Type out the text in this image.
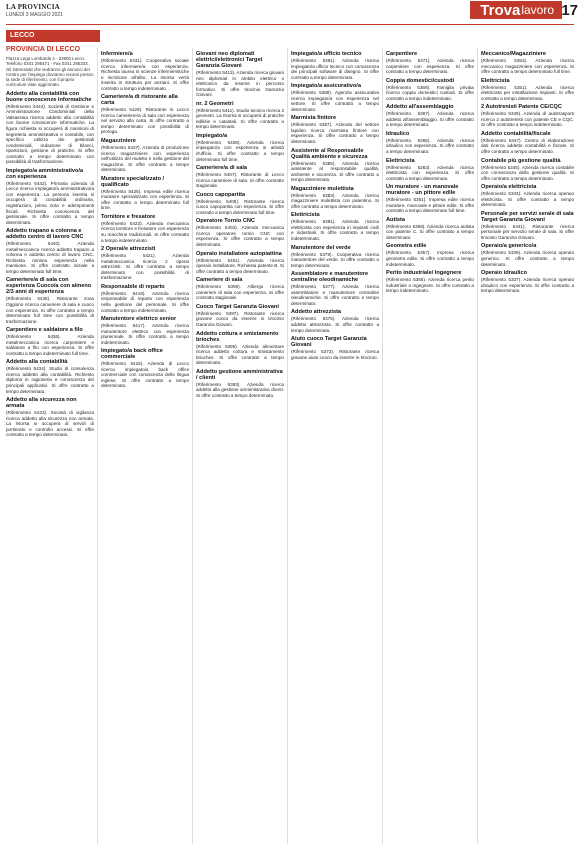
LA PROVINCIA
LUNEDÌ 3 MAGGIO 2021	Trova lavoro 17
LECCO
PROVINCIA DI LECCO
Piazza Lega Lombarda 4 - 23900 Lecco. Telefono 0341 295471 - Fax 0341 295333. Gli interessati che vedranno gli annunci del Centro per l'impiego dovranno recarsi presso la sede di riferimento, con il proprio curriculum vitae aggiornato.
Addetto alla contabilità con buone conoscenze informatiche

(Riferimento 5444). Società di Gestione e Amministrazione Condominiali della Valsassina ricerca addetto alla contabilità con buone conoscenze informatiche. La figura richiesta si occuperà di mansioni di segreteria amministrativa e contabile, con specifico utilizzo dei gestionali condominiali, redazione di bilanci, ripartizioni, gestione di pratiche. Si offre contratto a tempo determinato con possibilità di trasformazione.

Impiegato/a amministrativo/a con esperienza

(Riferimento 5442). Primaria azienda di Lecco ricerca impiegato/a amministrativo/a con esperienza. La persona inserita si occuperà di contabilità ordinaria, registrazioni, prima nota e adempimenti fiscali. Richiesta conoscenza del gestionale. Si offre contratto a tempo determinato.

Addetto trapano a colonna e addetto centro di lavoro CNC

(Riferimento 5440). Azienda metalmeccanica ricerca addetto trapano a colonna e addetto centro di lavoro CNC. Richiesta minima esperienza nella mansione. Si offre contratto iniziale a tempo determinato full time.

Cameriere/a di sala con esperienza Cuoco/a con almeno 2/3 anni di esperienza

(Riferimento 5438). Ristorante zona Oggiono ricerca cameriere di sala e cuoco con esperienza. Si offre contratto a tempo determinato full time con possibilità di trasformazione.

Carpentiere e saldatore a filo

(Riferimento 5436). Azienda metalmeccanica ricerca carpentiere e saldatore a filo con esperienza. Si offre contratto a tempo indeterminato full time.

Addetto alla contabilità

(Riferimento 5434). Studio di consulenza ricerca addetto alla contabilità. Richiesto diploma in ragioneria e conoscenza dei principali applicativi. Si offre contratto a tempo determinato.

Addetto alla sicurezza non armata

(Riferimento 5433). Società di vigilanza ricerca addetto alla sicurezza non armata. La risorsa si occuperà di servizi di portierato e controllo accessi. Si offre contratto a tempo determinato.

Infermiere/a

(Riferimento 5431). Cooperativa sociale ricerca infermiere/a con esperienza. Richiesta laurea in scienze infermieristiche e iscrizione all'albo. La risorsa verrà inserita in struttura per anziani. Si offre contratto a tempo indeterminato.

Cameriere/a di ristorante alla carta

(Riferimento 5429). Ristorante in Lecco ricerca cameriere/a di sala con esperienza nel servizio alla carta. Si offre contratto a tempo determinato con possibilità di proroga.

Magazziniere

(Riferimento 5427). Azienda di produzione ricerca magazziniere con esperienza nell'utilizzo del muletto e nella gestione del magazzino. Si offre contratto a tempo determinato.

Muratore specializzato / qualificato

(Riferimento 5425). Impresa edile ricerca muratore specializzato con esperienza. Si offre contratto a tempo determinato full time.

Tornitore e fresatore

(Riferimento 5423). Azienda meccanica ricerca tornitore e fresatore con esperienza su macchine tradizionali. Si offre contratto a tempo indeterminato.

2 Operai/e attrezzisti

(Riferimento 5421). Azienda metalmeccanica ricerca 2 operai attrezzisti. Si offre contratto a tempo determinato con possibilità di trasformazione.

Responsabile di reparto

(Riferimento 5419). Azienda ricerca responsabile di reparto con esperienza nella gestione del personale. Si offre contratto a tempo indeterminato.

Manutentore elettrico senior

(Riferimento 5417). Azienda ricerca manutentore elettrico con esperienza pluriennale. Si offre contratto a tempo indeterminato.

Impiegato/a back office commerciale

(Riferimento 5415). Azienda di Lecco ricerca impiegato/a back office commerciale con conoscenza della lingua inglese. Si offre contratto a tempo determinato.

Giovani neo diplomati elettrici/elettronici Target Garanzia Giovani

(Riferimento 5413). Azienda ricerca giovani neo diplomati in ambito elettrico o elettronico da inserire in percorso formativo. Si offre tirocinio Garanzia Giovani.

nr. 2 Geometri

(Riferimento 5411). Studio tecnico ricerca 2 geometri. La risorsa si occuperà di pratiche edilizie e catastali. Si offre contratto a tempo determinato.

Impiegato/a

(Riferimento 5409). Azienda ricerca impiegato/a con esperienza in attività d'ufficio. Si offre contratto a tempo determinato full time.

Cameriere/a di sala

(Riferimento 5407). Ristorante di Lecco ricerca cameriere di sala. Si offre contratto stagionale.

Cuoco capopartita

(Riferimento 5405). Ristorante ricerca cuoco capopartita con esperienza. Si offre contratto a tempo determinato full time.

Operatore Tornio CNC

(Riferimento 5403). Azienda meccanica ricerca operatore tornio CNC con esperienza. Si offre contratto a tempo determinato.

Operaio installatore autopiattina

(Riferimento 5401). Azienda ricerca operaio installatore. Richiesta patente B. Si offre contratto a tempo determinato.

Cameriere di sala

(Riferimento 5399). Albergo ricerca cameriere di sala con esperienza. Si offre contratto stagionale.

Cuoco Target Garanzia Giovani

(Riferimento 5397). Ristorante ricerca giovane cuoco da inserire in tirocinio Garanzia Giovani.

Addetto cottura e smistamento brioches

(Riferimento 5395). Azienda alimentare ricerca addetto cottura e smistamento brioches. Si offre contratto a tempo determinato.

Addetto gestione amministrativa / clienti

(Riferimento 5393). Azienda ricerca addetto alla gestione amministrativa clienti. Si offre contratto a tempo determinato.

Impiegato/a ufficio tecnico

(Riferimento 5391). Azienda ricerca impiegato/a ufficio tecnico con conoscenza dei principali software di disegno. Si offre contratto a tempo determinato.

Impiegato/a assicurativo/a

(Riferimento 5389). Agenzia assicurativa ricerca impiegato/a con esperienza nel settore. Si offre contratto a tempo determinato.

Marmista finitore

(Riferimento 5387). Azienda del settore lapideo ricerca marmista finitore con esperienza. Si offre contratto a tempo determinato.

Assistente al Responsabile Qualità ambiente e sicurezza

(Riferimento 5385). Azienda ricerca assistente al responsabile qualità, ambiente e sicurezza. Si offre contratto a tempo determinato.

Magazziniere mulettista

(Riferimento 5383). Azienda ricerca magazziniere mulettista con patentino. Si offre contratto a tempo determinato.

Elettricista

(Riferimento 5381). Azienda ricerca elettricista con esperienza in impianti civili e industriali. Si offre contratto a tempo indeterminato.

Manutentore del verde

(Riferimento 5379). Cooperativa ricerca manutentore del verde. Si offre contratto a tempo determinato.

Assemblatore e manutentore centraline oleodinamiche

(Riferimento 5377). Azienda ricerca assemblatore e manutentore centraline oleodinamiche. Si offre contratto a tempo determinato.

Addetto attrezzista

(Riferimento 5375). Azienda ricerca addetto attrezzista. Si offre contratto a tempo determinato.

Aiuto cuoco Target Garanzia Giovani

(Riferimento 5373). Ristorante ricerca giovane aiuto cuoco da inserire in tirocinio.

Carpentiere

(Riferimento 5371). Azienda ricerca carpentiere con esperienza. Si offre contratto a tempo determinato.

Coppia domestici/custodi

(Riferimento 5369). Famiglia privata ricerca coppia domestici custodi. Si offre contratto a tempo indeterminato.

Addetto all'assemblaggio

(Riferimento 5367). Azienda ricerca addetto all'assemblaggio. Si offre contratto a tempo determinato.

Idraulico

(Riferimento 5365). Azienda ricerca idraulico con esperienza. Si offre contratto a tempo determinato.

Elettricista

(Riferimento 5363). Azienda ricerca elettricista con esperienza. Si offre contratto a tempo determinato.

Un muratore - un manovale muratore - un pittore edile

(Riferimento 5361). Impresa edile ricerca muratore, manovale e pittore edile. Si offre contratto a tempo determinato full time.

Autista

(Riferimento 5359). Azienda ricerca autista con patente C. Si offre contratto a tempo determinato.

Geometra edile

(Riferimento 5357). Impresa ricerca geometra edile. Si offre contratto a tempo indeterminato.

Perito industriale/ Ingegnere

(Riferimento 5355). Azienda ricerca perito industriale o ingegnere. Si offre contratto a tempo indeterminato.

Meccanico/Magazziniere

(Riferimento 5353). Azienda ricerca meccanico magazziniere con esperienza. Si offre contratto a tempo determinato full time.

Elettricista

(Riferimento 5351). Azienda ricerca elettricista per installazione impianti. Si offre contratto a tempo determinato.

2 Autotrenisti Patente CE/CQC

(Riferimento 5349). Azienda di autotrasporti ricerca 2 autotrenisti con patente CE e CQC. Si offre contratto a tempo indeterminato.

Addetto contabilità/fiscale

(Riferimento 5347). Centro di elaborazione dati ricerca addetto contabilità e fiscale. Si offre contratto a tempo determinato.

Contabile più gestione qualità

(Riferimento 5345). Azienda ricerca contabile con conoscenza della gestione qualità. Si offre contratto a tempo determinato.

Operaio/a elettricista

(Riferimento 5343). Azienda ricerca operaio elettricista. Si offre contratto a tempo determinato.

Personale per servizi serale di sala Target Garanzia Giovani

(Riferimento 5341). Ristorante ricerca personale per servizio serale di sala. Si offre tirocinio Garanzia Giovani.

Operaio/a generico/a

(Riferimento 5339). Azienda ricerca operaio generico. Si offre contratto a tempo determinato.

Operaio idraulico

(Riferimento 5337). Azienda ricerca operaio idraulico con esperienza. Si offre contratto a tempo determinato.
